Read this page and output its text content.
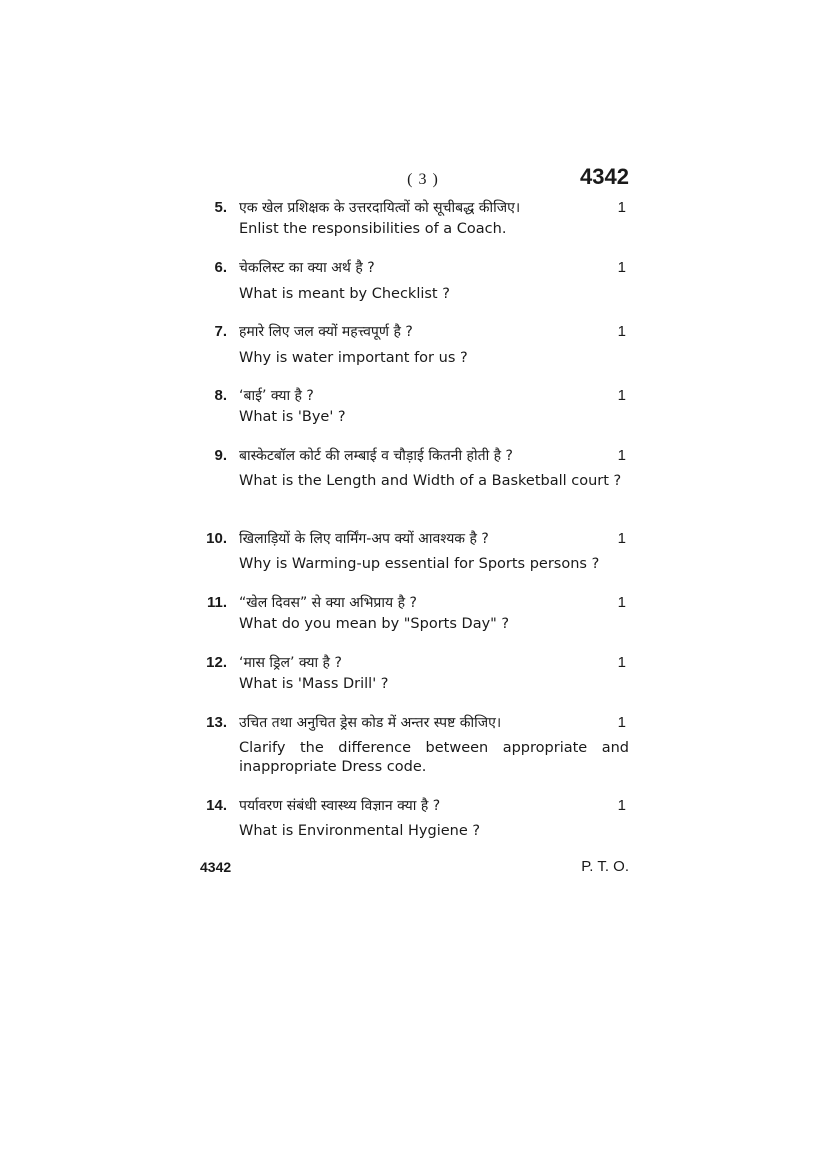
( 3 )	4342
5. एक खेल प्रशिक्षक के उत्तरदायित्वों को सूचीबद्ध कीजिए।	1
Enlist the responsibilities of a Coach.
6. चेकलिस्ट का क्या अर्थ है ?	1
What is meant by Checklist ?
7. हमारे लिए जल क्यों महत्त्वपूर्ण है ?	1
Why is water important for us ?
8. ‘बाई’ क्या है ?	1
What is 'Bye' ?
9. बास्केटबॉल कोर्ट की लम्बाई व चौड़ाई कितनी होती है ?	1
What is the Length and Width of a Basketball court ?
10. खिलाड़ियों के लिए वार्मिंग-अप क्यों आवश्यक है ?	1
Why is Warming-up essential for Sports persons ?
11. “खेल दिवस” से क्या अभिप्राय है ?	1
What do you mean by "Sports Day" ?
12. ‘मास ड्रिल’ क्या है ?	1
What is 'Mass Drill' ?
13. उचित तथा अनुचित ड्रेस कोड में अन्तर स्पष्ट कीजिए।	1
Clarify the difference between appropriate and inappropriate Dress code.
14. पर्यावरण संबंधी स्वास्थ्य विज्ञान क्या है ?	1
What is Environmental Hygiene ?
4342	P. T. O.
